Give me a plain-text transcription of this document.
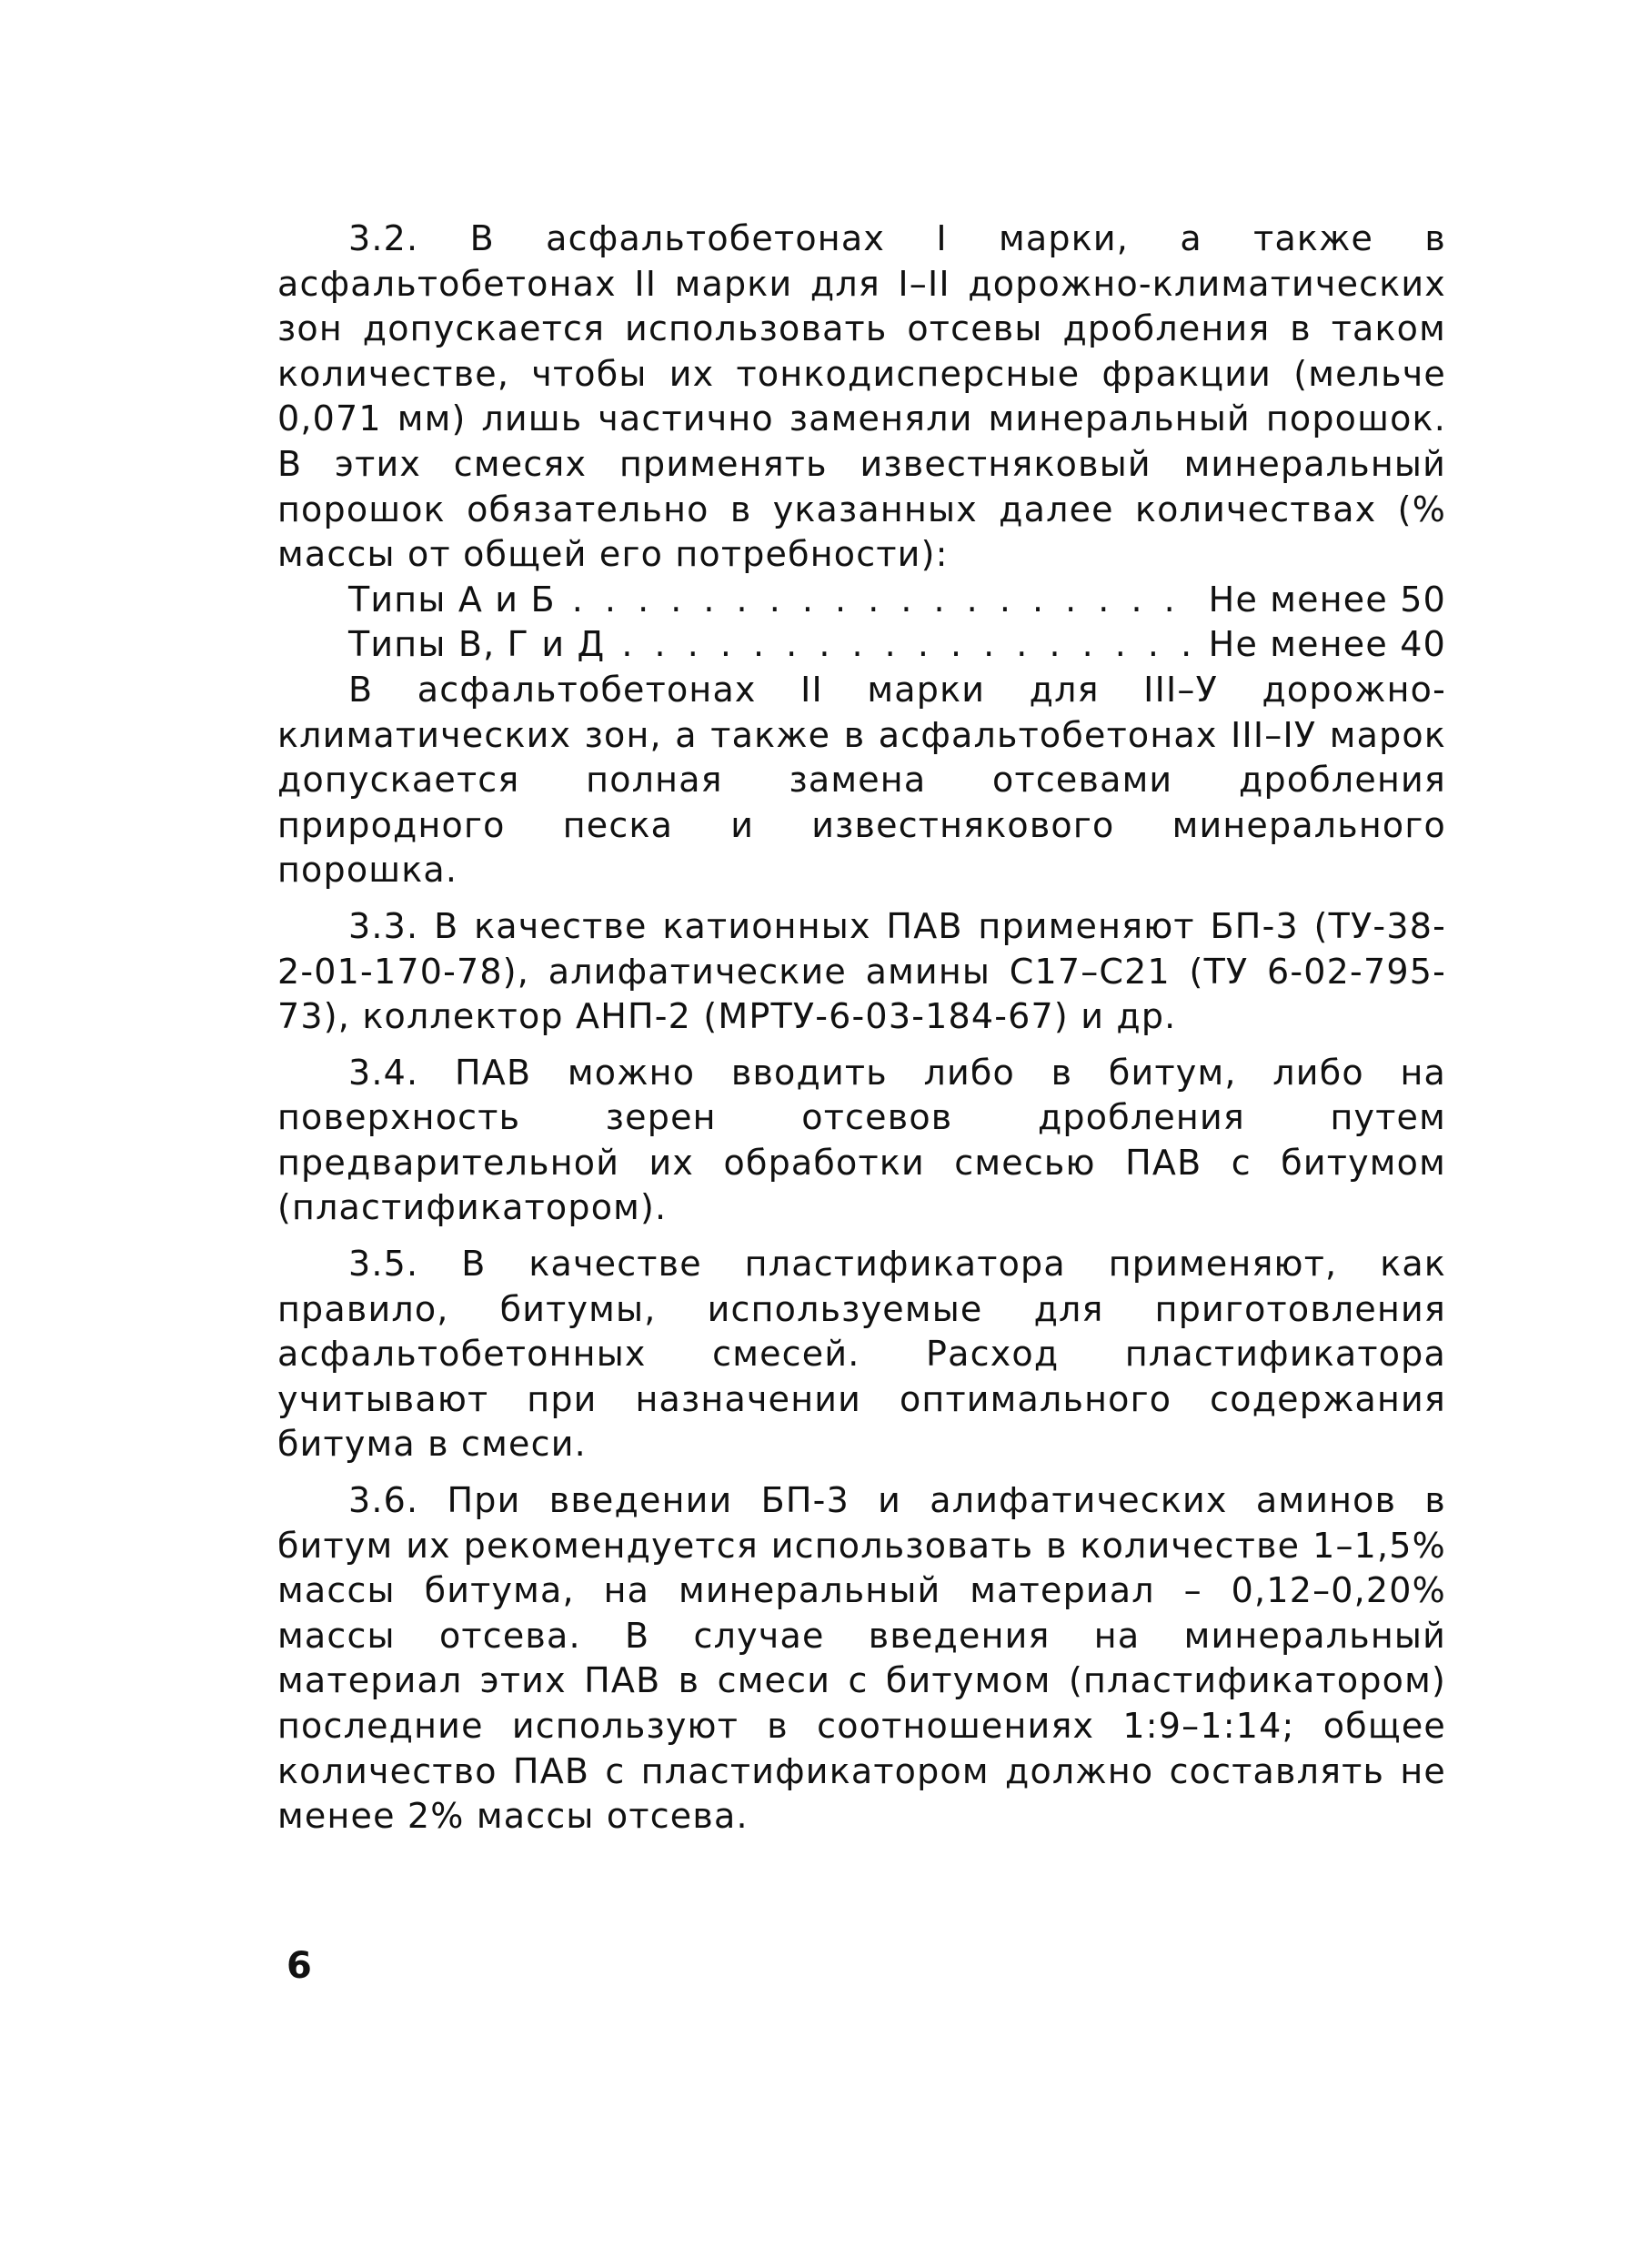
3.2. В асфальтобетонах I марки, а также в асфальтобетонах II марки для I–II дорожно-климатических зон допускается использовать отсевы дробления в таком количестве, чтобы их тонкодисперсные фракции (мельче 0,071 мм) лишь частично заменяли минеральный порошок. В этих смесях применять известняковый минеральный порошок обязательно в указанных далее количествах (% массы от общей его потребности):

Типы А и Б . . .	Не менее 50
Типы В, Г и Д . . .	Не менее 40

В асфальтобетонах II марки для III–У дорожно-климатических зон, а также в асфальтобетонах III–IУ марок допускается полная замена отсевами дробления природного песка и известнякового минерального порошка.

3.3. В качестве катионных ПАВ применяют БП-3 (ТУ-38-2-01-170-78), алифатические амины C17–C21 (ТУ 6-02-795-73), коллектор АНП-2 (МРТУ-6-03-184-67) и др.

3.4. ПАВ можно вводить либо в битум, либо на поверхность зерен отсевов дробления путем предварительной их обработки смесью ПАВ с битумом (пластификатором).

3.5. В качестве пластификатора применяют, как правило, битумы, используемые для приготовления асфальтобетонных смесей. Расход пластификатора учитывают при назначении оптимального содержания битума в смеси.

3.6. При введении БП-3 и алифатических аминов в битум их рекомендуется использовать в количестве 1–1,5% массы битума, на минеральный материал – 0,12–0,20% массы отсева. В случае введения на минеральный материал этих ПАВ в смеси с битумом (пластификатором) последние используют в соотношениях 1:9–1:14; общее количество ПАВ с пластификатором должно составлять не менее 2% массы отсева.

6
